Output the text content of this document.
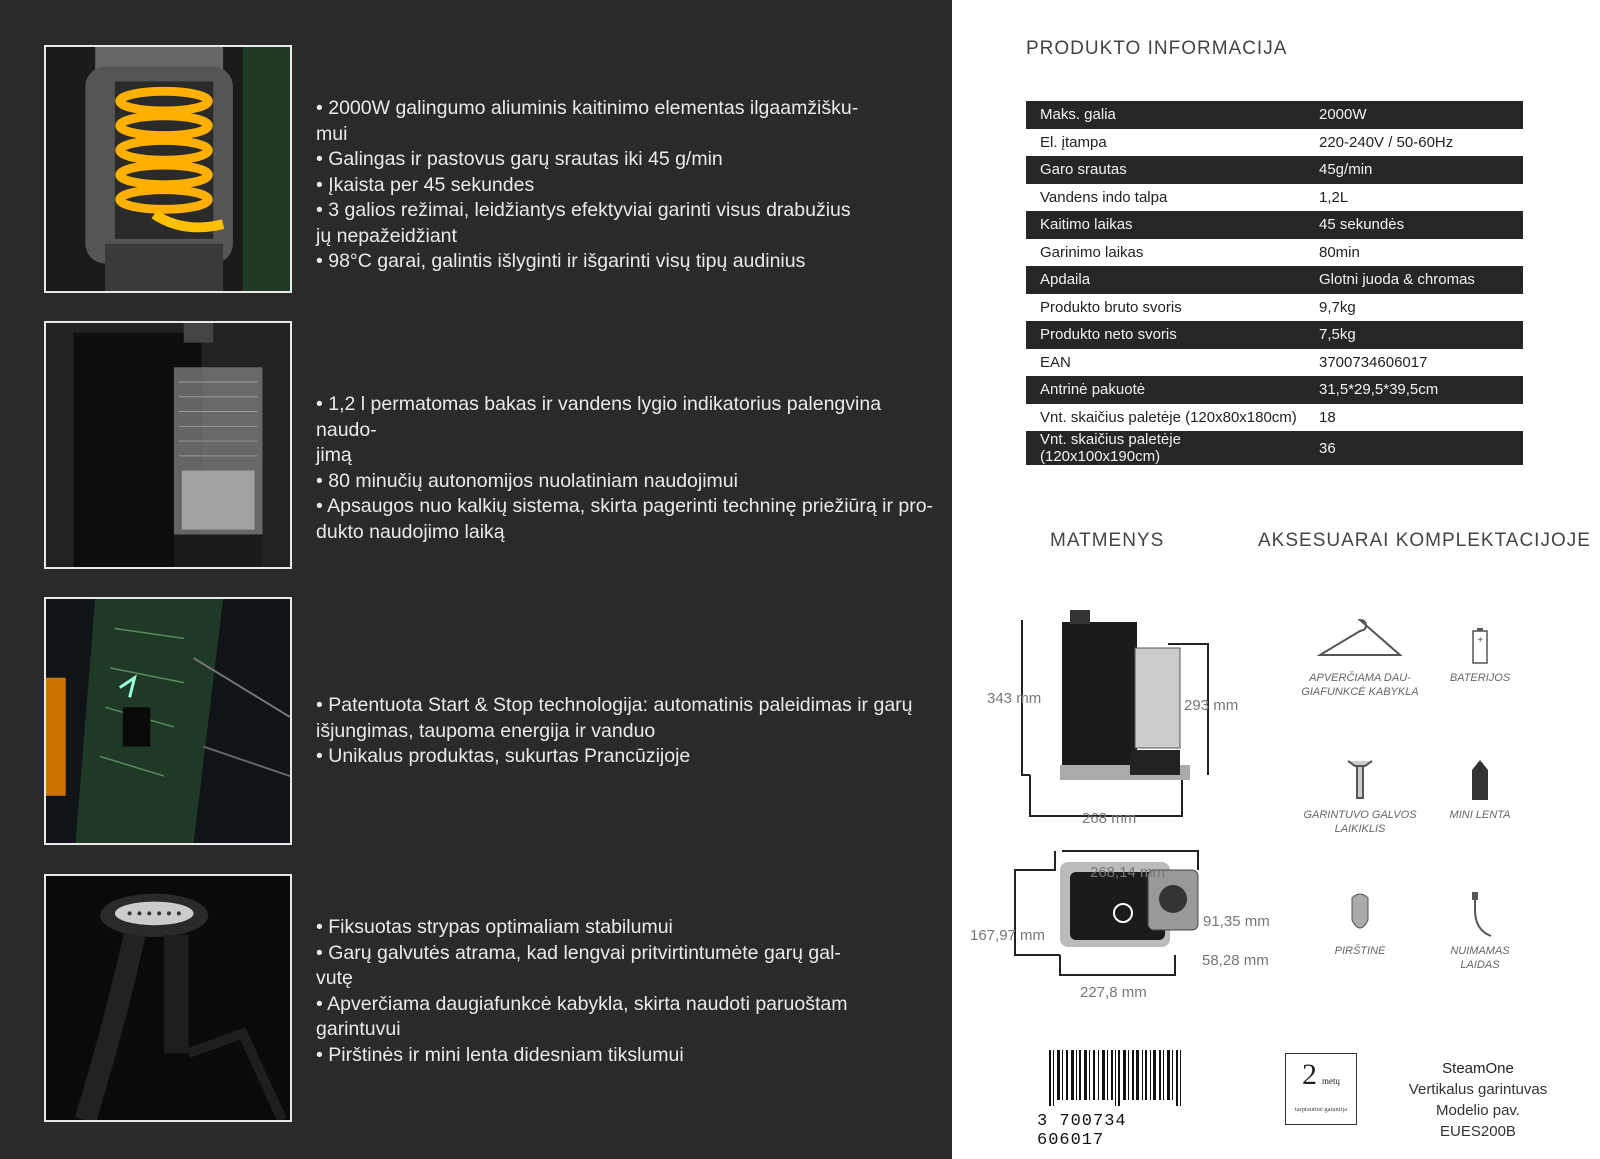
• 2000W galingumo aliuminis kaitinimo elementas ilgaamžišku-
mui
• Galingas ir pastovus garų srautas iki 45 g/min
• Įkaista per 45 sekundes
• 3 galios režimai, leidžiantys efektyviai garinti visus drabužius
jų nepažeidžiant
• 98°C garai, galintis išlyginti ir išgarinti visų tipų audinius
• 1,2 l permatomas bakas ir vandens lygio indikatorius palengvina naudo-
jimą
• 80 minučių autonomijos nuolatiniam naudojimui
• Apsaugos nuo kalkių sistema, skirta pagerinti techninę priežiūrą ir pro-
dukto naudojimo laiką
• Patentuota Start & Stop technologija: automatinis paleidimas ir garų
išjungimas, taupoma energija ir vanduo
• Unikalus produktas, sukurtas Prancūzijoje
• Fiksuotas strypas optimaliam stabilumui
• Garų galvutės atrama, kad lengvai pritvirtintumėte garų gal-
vutę
• Apverčiama daugiafunkcė kabykla, skirta naudoti paruoštam
garintuvui
• Pirštinės ir mini lenta didesniam tikslumui
PRODUKTO INFORMACIJA
Maks. galia	2000W
El. įtampa	220-240V / 50-60Hz
Garo srautas	45g/min
Vandens indo talpa	1,2L
Kaitimo laikas	45 sekundės
Garinimo laikas	80min
Apdaila	Glotni juoda & chromas
Produkto bruto svoris	9,7kg
Produkto neto svoris	7,5kg
EAN	3700734606017
Antrinė pakuotė	31,5*29,5*39,5cm
Vnt. skaičius paletėje (120x80x180cm)	18
Vnt. skaičius paletėje (120x100x190cm)	36
MATMENYS
343 mm	293 mm
268 mm
268,14 mm
167,97 mm
91,35 mm
58,28 mm
227,8 mm
AKSESUARAI KOMPLEKTACIJOJE
APVERČIAMA DAU-
GIAFUNKCĖ KABYKLA
+
BATERIJOS
GARINTUVO GALVOS
LAIKIKLIS
MINI LENTA
PIRŠTINĖ	NUIMAMAS LAIDAS
3 700734 606017
2 metų
tarptautinė garantija
SteamOne
Vertikalus garintuvas
Modelio pav.
EUES200B
